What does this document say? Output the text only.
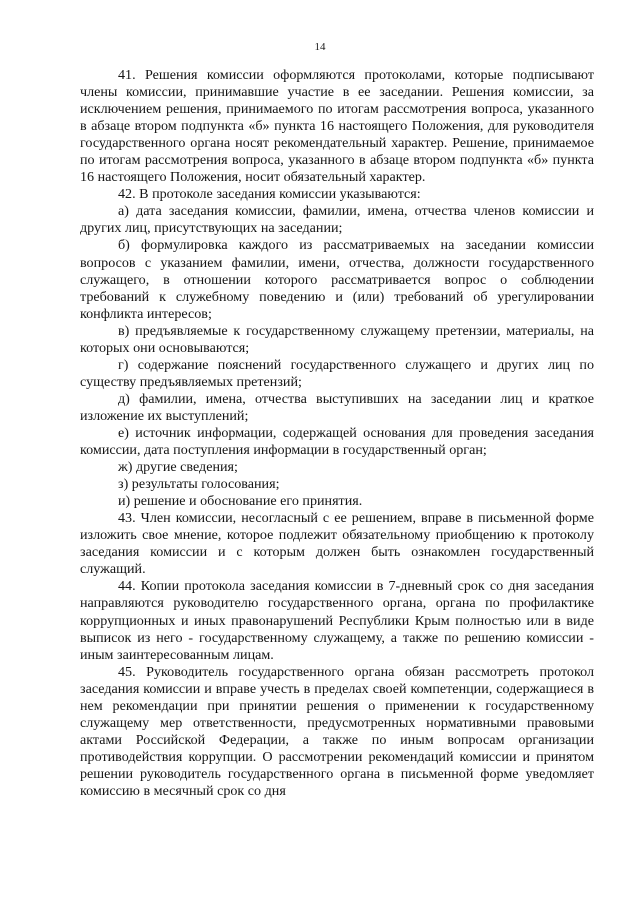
14

41. Решения комиссии оформляются протоколами, которые подписывают члены комиссии, принимавшие участие в ее заседании. Решения комиссии, за исключением решения, принимаемого по итогам рассмотрения вопроса, указанного в абзаце втором подпункта «б» пункта 16 настоящего Положения, для руководителя государственного органа носят рекомендательный характер. Решение, принимаемое по итогам рассмотрения вопроса, указанного в абзаце втором подпункта «б» пункта 16 настоящего Положения, носит обязательный характер.

42. В протоколе заседания комиссии указываются:

а) дата заседания комиссии, фамилии, имена, отчества членов комиссии и других лиц, присутствующих на заседании;

б) формулировка каждого из рассматриваемых на заседании комиссии вопросов с указанием фамилии, имени, отчества, должности государственного служащего, в отношении которого рассматривается вопрос о соблюдении требований к служебному поведению и (или) требований об урегулировании конфликта интересов;

в) предъявляемые к государственному служащему претензии, материалы, на которых они основываются;

г) содержание пояснений государственного служащего и других лиц по существу предъявляемых претензий;

д) фамилии, имена, отчества выступивших на заседании лиц и краткое изложение их выступлений;

е) источник информации, содержащей основания для проведения заседания комиссии, дата поступления информации в государственный орган;

ж) другие сведения;

з) результаты голосования;

и) решение и обоснование его принятия.

43. Член комиссии, несогласный с ее решением, вправе в письменной форме изложить свое мнение, которое подлежит обязательному приобщению к протоколу заседания комиссии и с которым должен быть ознакомлен государственный служащий.

44. Копии протокола заседания комиссии в 7-дневный срок со дня заседания направляются руководителю государственного органа, органа по профилактике коррупционных и иных правонарушений Республики Крым полностью или в виде выписок из него - государственному служащему, а также по решению комиссии - иным заинтересованным лицам.

45. Руководитель государственного органа обязан рассмотреть протокол заседания комиссии и вправе учесть в пределах своей компетенции, содержащиеся в нем рекомендации при принятии решения о применении к государственному служащему мер ответственности, предусмотренных нормативными правовыми актами Российской Федерации, а также по иным вопросам организации противодействия коррупции. О рассмотрении рекомендаций комиссии и принятом решении руководитель государственного органа в письменной форме уведомляет комиссию в месячный срок со дня
